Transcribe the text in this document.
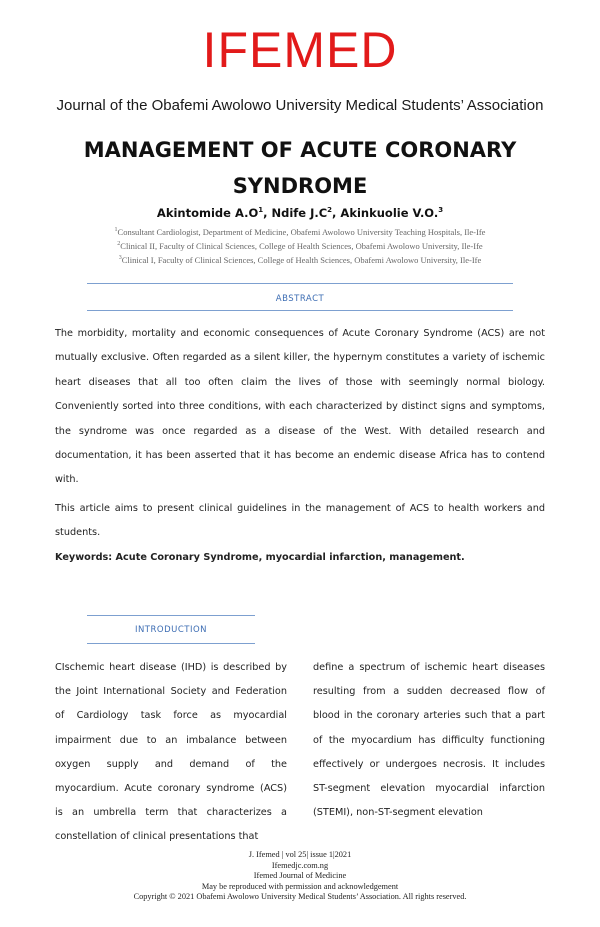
IFEMED
Journal of the Obafemi Awolowo University Medical Students’ Association
MANAGEMENT OF ACUTE CORONARY SYNDROME
Akintomide $A.O^1$, Ndife $J.C^2$, Akinkuolie V.O.$^3$
$^1$Consultant Cardiologist, Department of Medicine, Obafemi Awolowo University Teaching Hospitals, Ile-Ife
$^2$Clinical II, Faculty of Clinical Sciences, College of Health Sciences, Obafemi Awolowo University, Ile-Ife
$^3$Clinical I, Faculty of Clinical Sciences, College of Health Sciences, Obafemi Awolowo University, Ile-Ife
ABSTRACT

The morbidity, mortality and economic consequences of Acute Coronary Syndrome (ACS) are not mutually exclusive. Often regarded as a silent killer, the hypernym constitutes a variety of ischemic heart diseases that all too often claim the lives of those with seemingly normal biology. Conveniently sorted into three conditions, with each characterized by distinct signs and symptoms, the syndrome was once regarded as a disease of the West. With detailed research and documentation, it has been asserted that it has become an endemic disease Africa has to contend with.

This article aims to present clinical guidelines in the management of ACS to health workers and students.

Keywords: Acute Coronary Syndrome, myocardial infarction, management.
INTRODUCTION

CIschemic heart disease (IHD) is described by the Joint International Society and Federation of Cardiology task force as myocardial impairment due to an imbalance between oxygen supply and demand of the myocardium. Acute coronary syndrome (ACS) is an umbrella term that characterizes a constellation of clinical presentations that

define a spectrum of ischemic heart diseases resulting from a sudden decreased flow of blood in the coronary arteries such that a part of the myocardium has difficulty functioning effectively or undergoes necrosis. It includes ST-segment elevation myocardial infarction (STEMI), non-ST-segment elevation

J. Ifemed | vol 25| issue 1|2021
Ifemedjc.com.ng
Ifemed Journal of Medicine
May be reproduced with permission and acknowledgement
Copyright © 2021 Obafemi Awolowo University Medical Students’ Association. All rights reserved.
